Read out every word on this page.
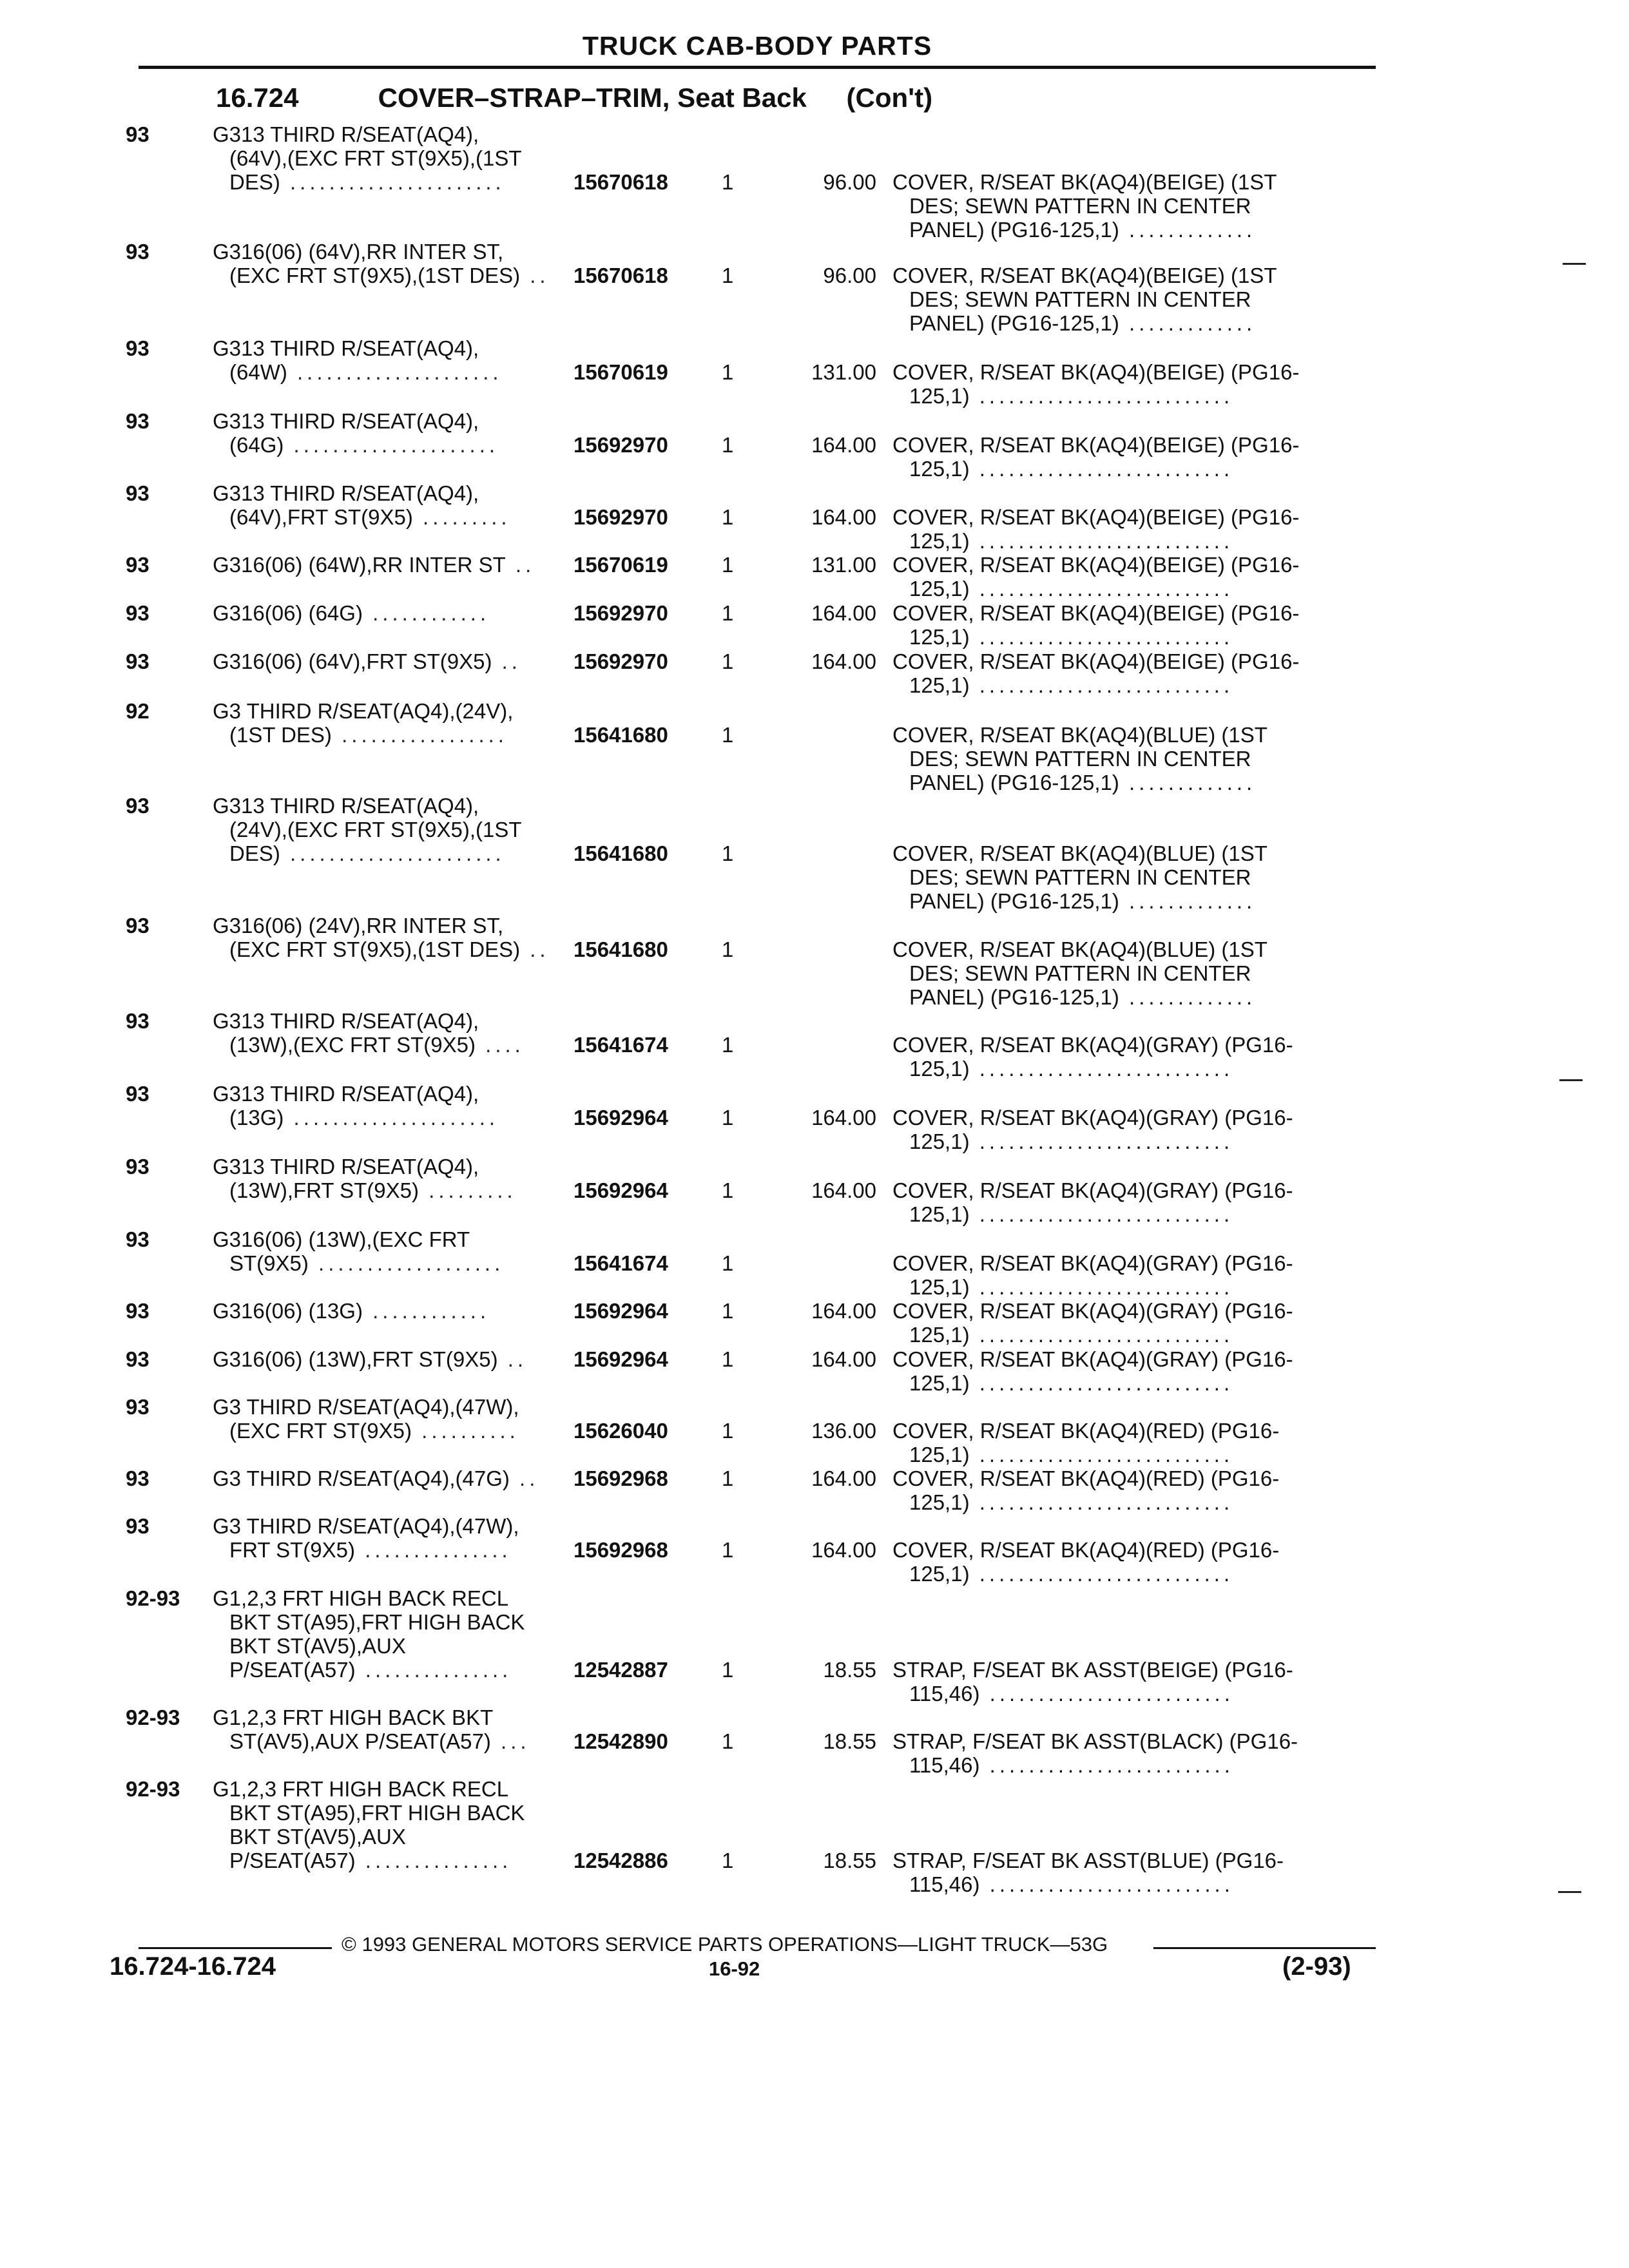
TRUCK CAB-BODY PARTS
16.724	COVER–STRAP–TRIM, Seat Back (Con't)
93	G313 THIRD R/SEAT(AQ4),
(64V),(EXC FRT ST(9X5),(1ST
DES) ......................	15670618	1	96.00 COVER, R/SEAT BK(AQ4)(BEIGE) (1ST
DES; SEWN PATTERN IN CENTER
PANEL) (PG16-125,1) .............
93	G316(06) (64V),RR INTER ST,
(EXC FRT ST(9X5),(1ST DES) ..	15670618	1	96.00 COVER, R/SEAT BK(AQ4)(BEIGE) (1ST
DES; SEWN PATTERN IN CENTER
PANEL) (PG16-125,1) .............
93	G313 THIRD R/SEAT(AQ4),
(64W) .....................	15670619	1	131.00 COVER, R/SEAT BK(AQ4)(BEIGE) (PG16-
125,1) ..........................
93	G313 THIRD R/SEAT(AQ4),
(64G) .....................	15692970	1	164.00 COVER, R/SEAT BK(AQ4)(BEIGE) (PG16-
125,1) ..........................
93	G313 THIRD R/SEAT(AQ4),
(64V),FRT ST(9X5) .........	15692970	1	164.00 COVER, R/SEAT BK(AQ4)(BEIGE) (PG16-
125,1) ..........................
93	G316(06) (64W),RR INTER ST ..	15670619	1	131.00 COVER, R/SEAT BK(AQ4)(BEIGE) (PG16-
125,1) ..........................
93	G316(06) (64G) ............	15692970	1	164.00 COVER, R/SEAT BK(AQ4)(BEIGE) (PG16-
125,1) ..........................
93	G316(06) (64V),FRT ST(9X5) ..	15692970	1	164.00 COVER, R/SEAT BK(AQ4)(BEIGE) (PG16-
125,1) ..........................
92	G3 THIRD R/SEAT(AQ4),(24V),
(1ST DES) .................	15641680	1	COVER, R/SEAT BK(AQ4)(BLUE) (1ST
DES; SEWN PATTERN IN CENTER
PANEL) (PG16-125,1) .............
93	G313 THIRD R/SEAT(AQ4),
(24V),(EXC FRT ST(9X5),(1ST
DES) ......................	15641680	1	COVER, R/SEAT BK(AQ4)(BLUE) (1ST
DES; SEWN PATTERN IN CENTER
PANEL) (PG16-125,1) .............
93	G316(06) (24V),RR INTER ST,
(EXC FRT ST(9X5),(1ST DES) ..	15641680	1	COVER, R/SEAT BK(AQ4)(BLUE) (1ST
DES; SEWN PATTERN IN CENTER
PANEL) (PG16-125,1) .............
93	G313 THIRD R/SEAT(AQ4),
(13W),(EXC FRT ST(9X5) ....	15641674	1	COVER, R/SEAT BK(AQ4)(GRAY) (PG16-
125,1) ..........................
93	G313 THIRD R/SEAT(AQ4),
(13G) .....................	15692964	1	164.00 COVER, R/SEAT BK(AQ4)(GRAY) (PG16-
125,1) ..........................
93	G313 THIRD R/SEAT(AQ4),
(13W),FRT ST(9X5) .........	15692964	1	164.00 COVER, R/SEAT BK(AQ4)(GRAY) (PG16-
125,1) ..........................
93	G316(06) (13W),(EXC FRT
ST(9X5) ...................	15641674	1	COVER, R/SEAT BK(AQ4)(GRAY) (PG16-
125,1) ..........................
93	G316(06) (13G) ............	15692964	1	164.00 COVER, R/SEAT BK(AQ4)(GRAY) (PG16-
125,1) ..........................
93	G316(06) (13W),FRT ST(9X5) ..	15692964	1	164.00 COVER, R/SEAT BK(AQ4)(GRAY) (PG16-
125,1) ..........................
93	G3 THIRD R/SEAT(AQ4),(47W),
(EXC FRT ST(9X5) ..........	15626040	1	136.00 COVER, R/SEAT BK(AQ4)(RED) (PG16-
125,1) ..........................
93	G3 THIRD R/SEAT(AQ4),(47G) ..	15692968	1	164.00 COVER, R/SEAT BK(AQ4)(RED) (PG16-
125,1) ..........................
93	G3 THIRD R/SEAT(AQ4),(47W),
FRT ST(9X5) ...............	15692968	1	164.00 COVER, R/SEAT BK(AQ4)(RED) (PG16-
125,1) ..........................
92-93	G1,2,3 FRT HIGH BACK RECL
BKT ST(A95),FRT HIGH BACK
BKT ST(AV5),AUX
P/SEAT(A57) ...............	12542887	1	18.55 STRAP, F/SEAT BK ASST(BEIGE) (PG16-
115,46) .........................
92-93	G1,2,3 FRT HIGH BACK BKT
ST(AV5),AUX P/SEAT(A57) ...	12542890	1	18.55 STRAP, F/SEAT BK ASST(BLACK) (PG16-
115,46) .........................
92-93	G1,2,3 FRT HIGH BACK RECL
BKT ST(A95),FRT HIGH BACK
BKT ST(AV5),AUX
P/SEAT(A57) ...............	12542886	1	18.55 STRAP, F/SEAT BK ASST(BLUE) (PG16-
115,46) .........................
© 1993 GENERAL MOTORS SERVICE PARTS OPERATIONS—LIGHT TRUCK—53G
16.724-16.724	16-92	(2-93)
